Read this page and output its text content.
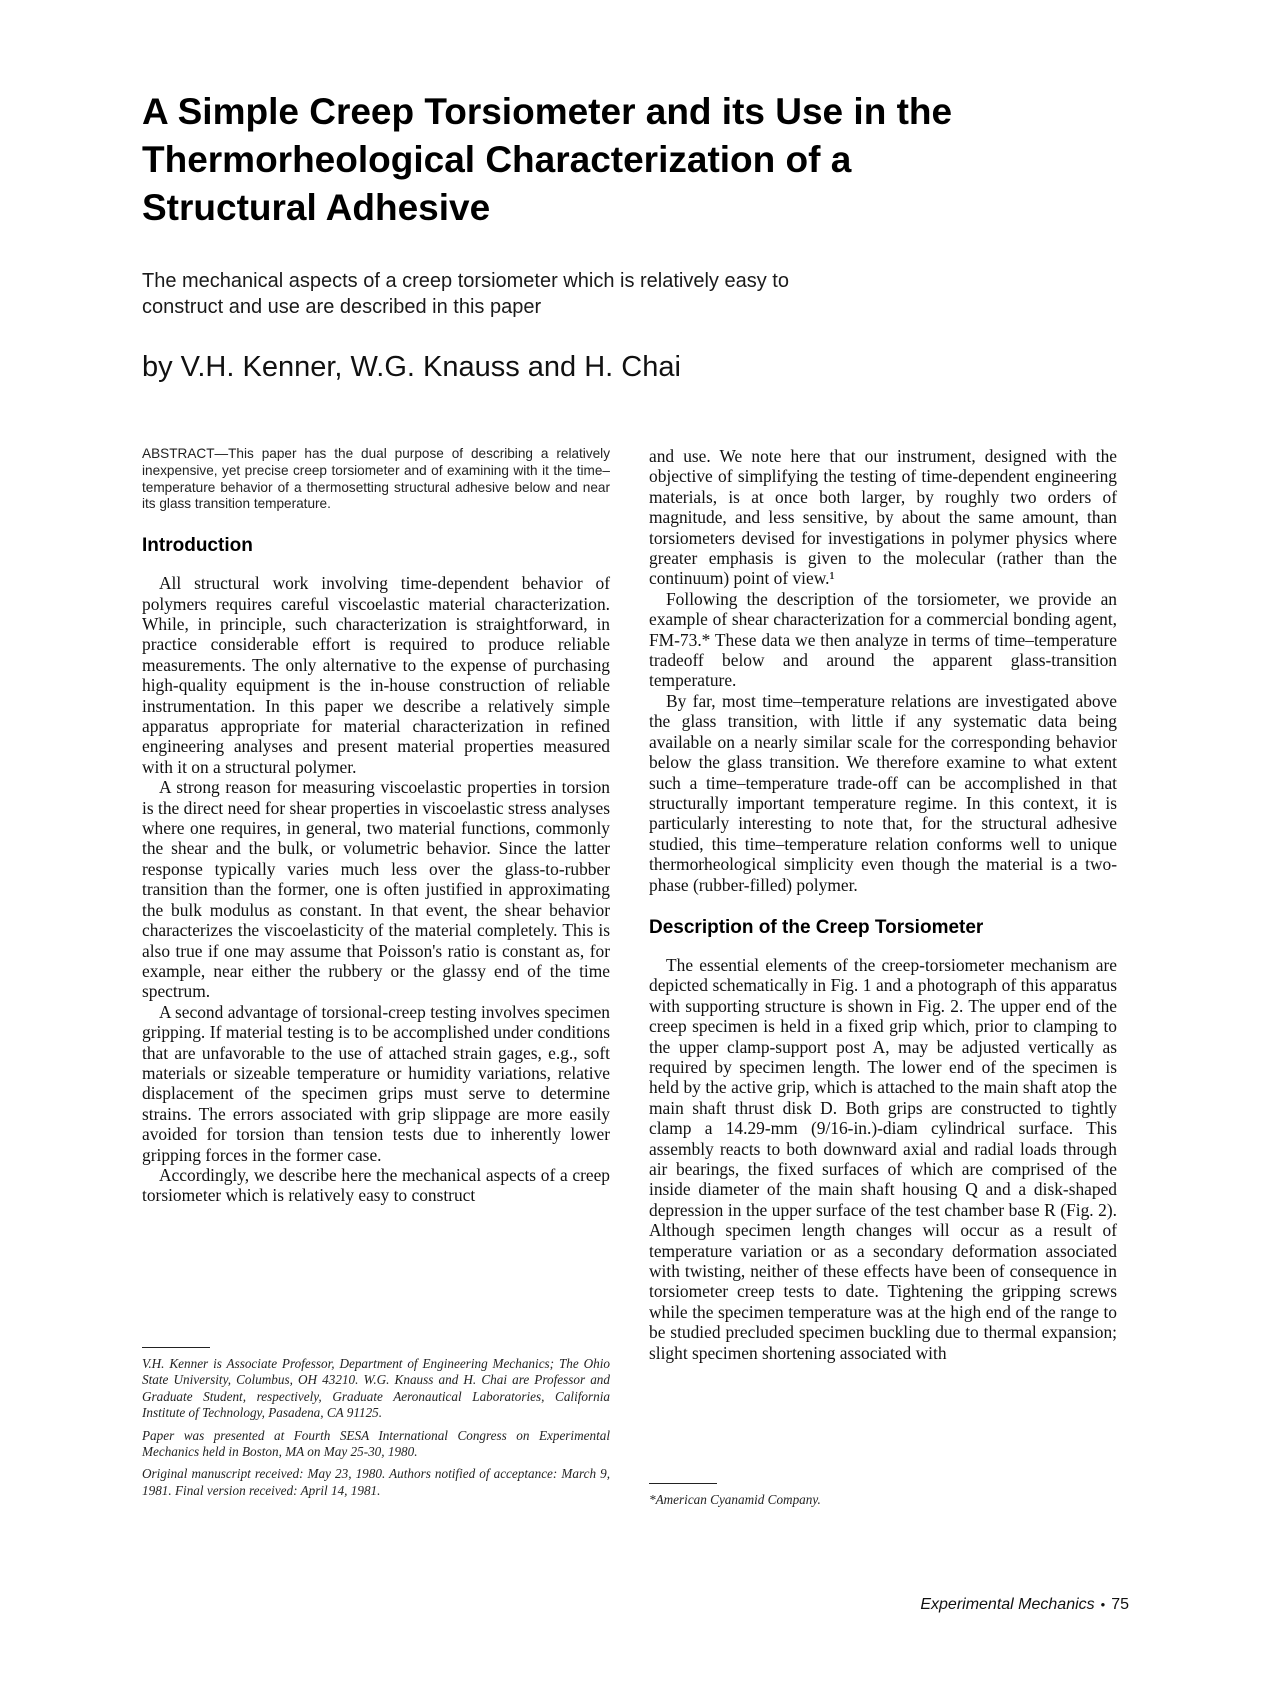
A Simple Creep Torsiometer and its Use in the Thermorheological Characterization of a Structural Adhesive

The mechanical aspects of a creep torsiometer which is relatively easy to construct and use are described in this paper

by V.H. Kenner, W.G. Knauss and H. Chai

ABSTRACT—This paper has the dual purpose of describing a relatively inexpensive, yet precise creep torsiometer and of examining with it the time–temperature behavior of a thermosetting structural adhesive below and near its glass transition temperature.

Introduction

All structural work involving time-dependent behavior of polymers requires careful viscoelastic material characterization. While, in principle, such characterization is straightforward, in practice considerable effort is required to produce reliable measurements. The only alternative to the expense of purchasing high-quality equipment is the in-house construction of reliable instrumentation. In this paper we describe a relatively simple apparatus appropriate for material characterization in refined engineering analyses and present material properties measured with it on a structural polymer.

A strong reason for measuring viscoelastic properties in torsion is the direct need for shear properties in viscoelastic stress analyses where one requires, in general, two material functions, commonly the shear and the bulk, or volumetric behavior. Since the latter response typically varies much less over the glass-to-rubber transition than the former, one is often justified in approximating the bulk modulus as constant. In that event, the shear behavior characterizes the viscoelasticity of the material completely. This is also true if one may assume that Poisson's ratio is constant as, for example, near either the rubbery or the glassy end of the time spectrum.

A second advantage of torsional-creep testing involves specimen gripping. If material testing is to be accomplished under conditions that are unfavorable to the use of attached strain gages, e.g., soft materials or sizeable temperature or humidity variations, relative displacement of the specimen grips must serve to determine strains. The errors associated with grip slippage are more easily avoided for torsion than tension tests due to inherently lower gripping forces in the former case.

Accordingly, we describe here the mechanical aspects of a creep torsiometer which is relatively easy to construct

V.H. Kenner is Associate Professor, Department of Engineering Mechanics; The Ohio State University, Columbus, OH 43210. W.G. Knauss and H. Chai are Professor and Graduate Student, respectively, Graduate Aeronautical Laboratories, California Institute of Technology, Pasadena, CA 91125.

Paper was presented at Fourth SESA International Congress on Experimental Mechanics held in Boston, MA on May 25-30, 1980.

Original manuscript received: May 23, 1980. Authors notified of acceptance: March 9, 1981. Final version received: April 14, 1981.

and use. We note here that our instrument, designed with the objective of simplifying the testing of time-dependent engineering materials, is at once both larger, by roughly two orders of magnitude, and less sensitive, by about the same amount, than torsiometers devised for investigations in polymer physics where greater emphasis is given to the molecular (rather than the continuum) point of view.¹

Following the description of the torsiometer, we provide an example of shear characterization for a commercial bonding agent, FM-73.* These data we then analyze in terms of time–temperature tradeoff below and around the apparent glass-transition temperature.

By far, most time–temperature relations are investigated above the glass transition, with little if any systematic data being available on a nearly similar scale for the corresponding behavior below the glass transition. We therefore examine to what extent such a time–temperature trade-off can be accomplished in that structurally important temperature regime. In this context, it is particularly interesting to note that, for the structural adhesive studied, this time–temperature relation conforms well to unique thermorheological simplicity even though the material is a two-phase (rubber-filled) polymer.

Description of the Creep Torsiometer

The essential elements of the creep-torsiometer mechanism are depicted schematically in Fig. 1 and a photograph of this apparatus with supporting structure is shown in Fig. 2. The upper end of the creep specimen is held in a fixed grip which, prior to clamping to the upper clamp-support post A, may be adjusted vertically as required by specimen length. The lower end of the specimen is held by the active grip, which is attached to the main shaft atop the main shaft thrust disk D. Both grips are constructed to tightly clamp a 14.29-mm (9/16-in.)-diam cylindrical surface. This assembly reacts to both downward axial and radial loads through air bearings, the fixed surfaces of which are comprised of the inside diameter of the main shaft housing Q and a disk-shaped depression in the upper surface of the test chamber base R (Fig. 2). Although specimen length changes will occur as a result of temperature variation or as a secondary deformation associated with twisting, neither of these effects have been of consequence in torsiometer creep tests to date. Tightening the gripping screws while the specimen temperature was at the high end of the range to be studied precluded specimen buckling due to thermal expansion; slight specimen shortening associated with

*American Cyanamid Company.

Experimental Mechanics • 75
